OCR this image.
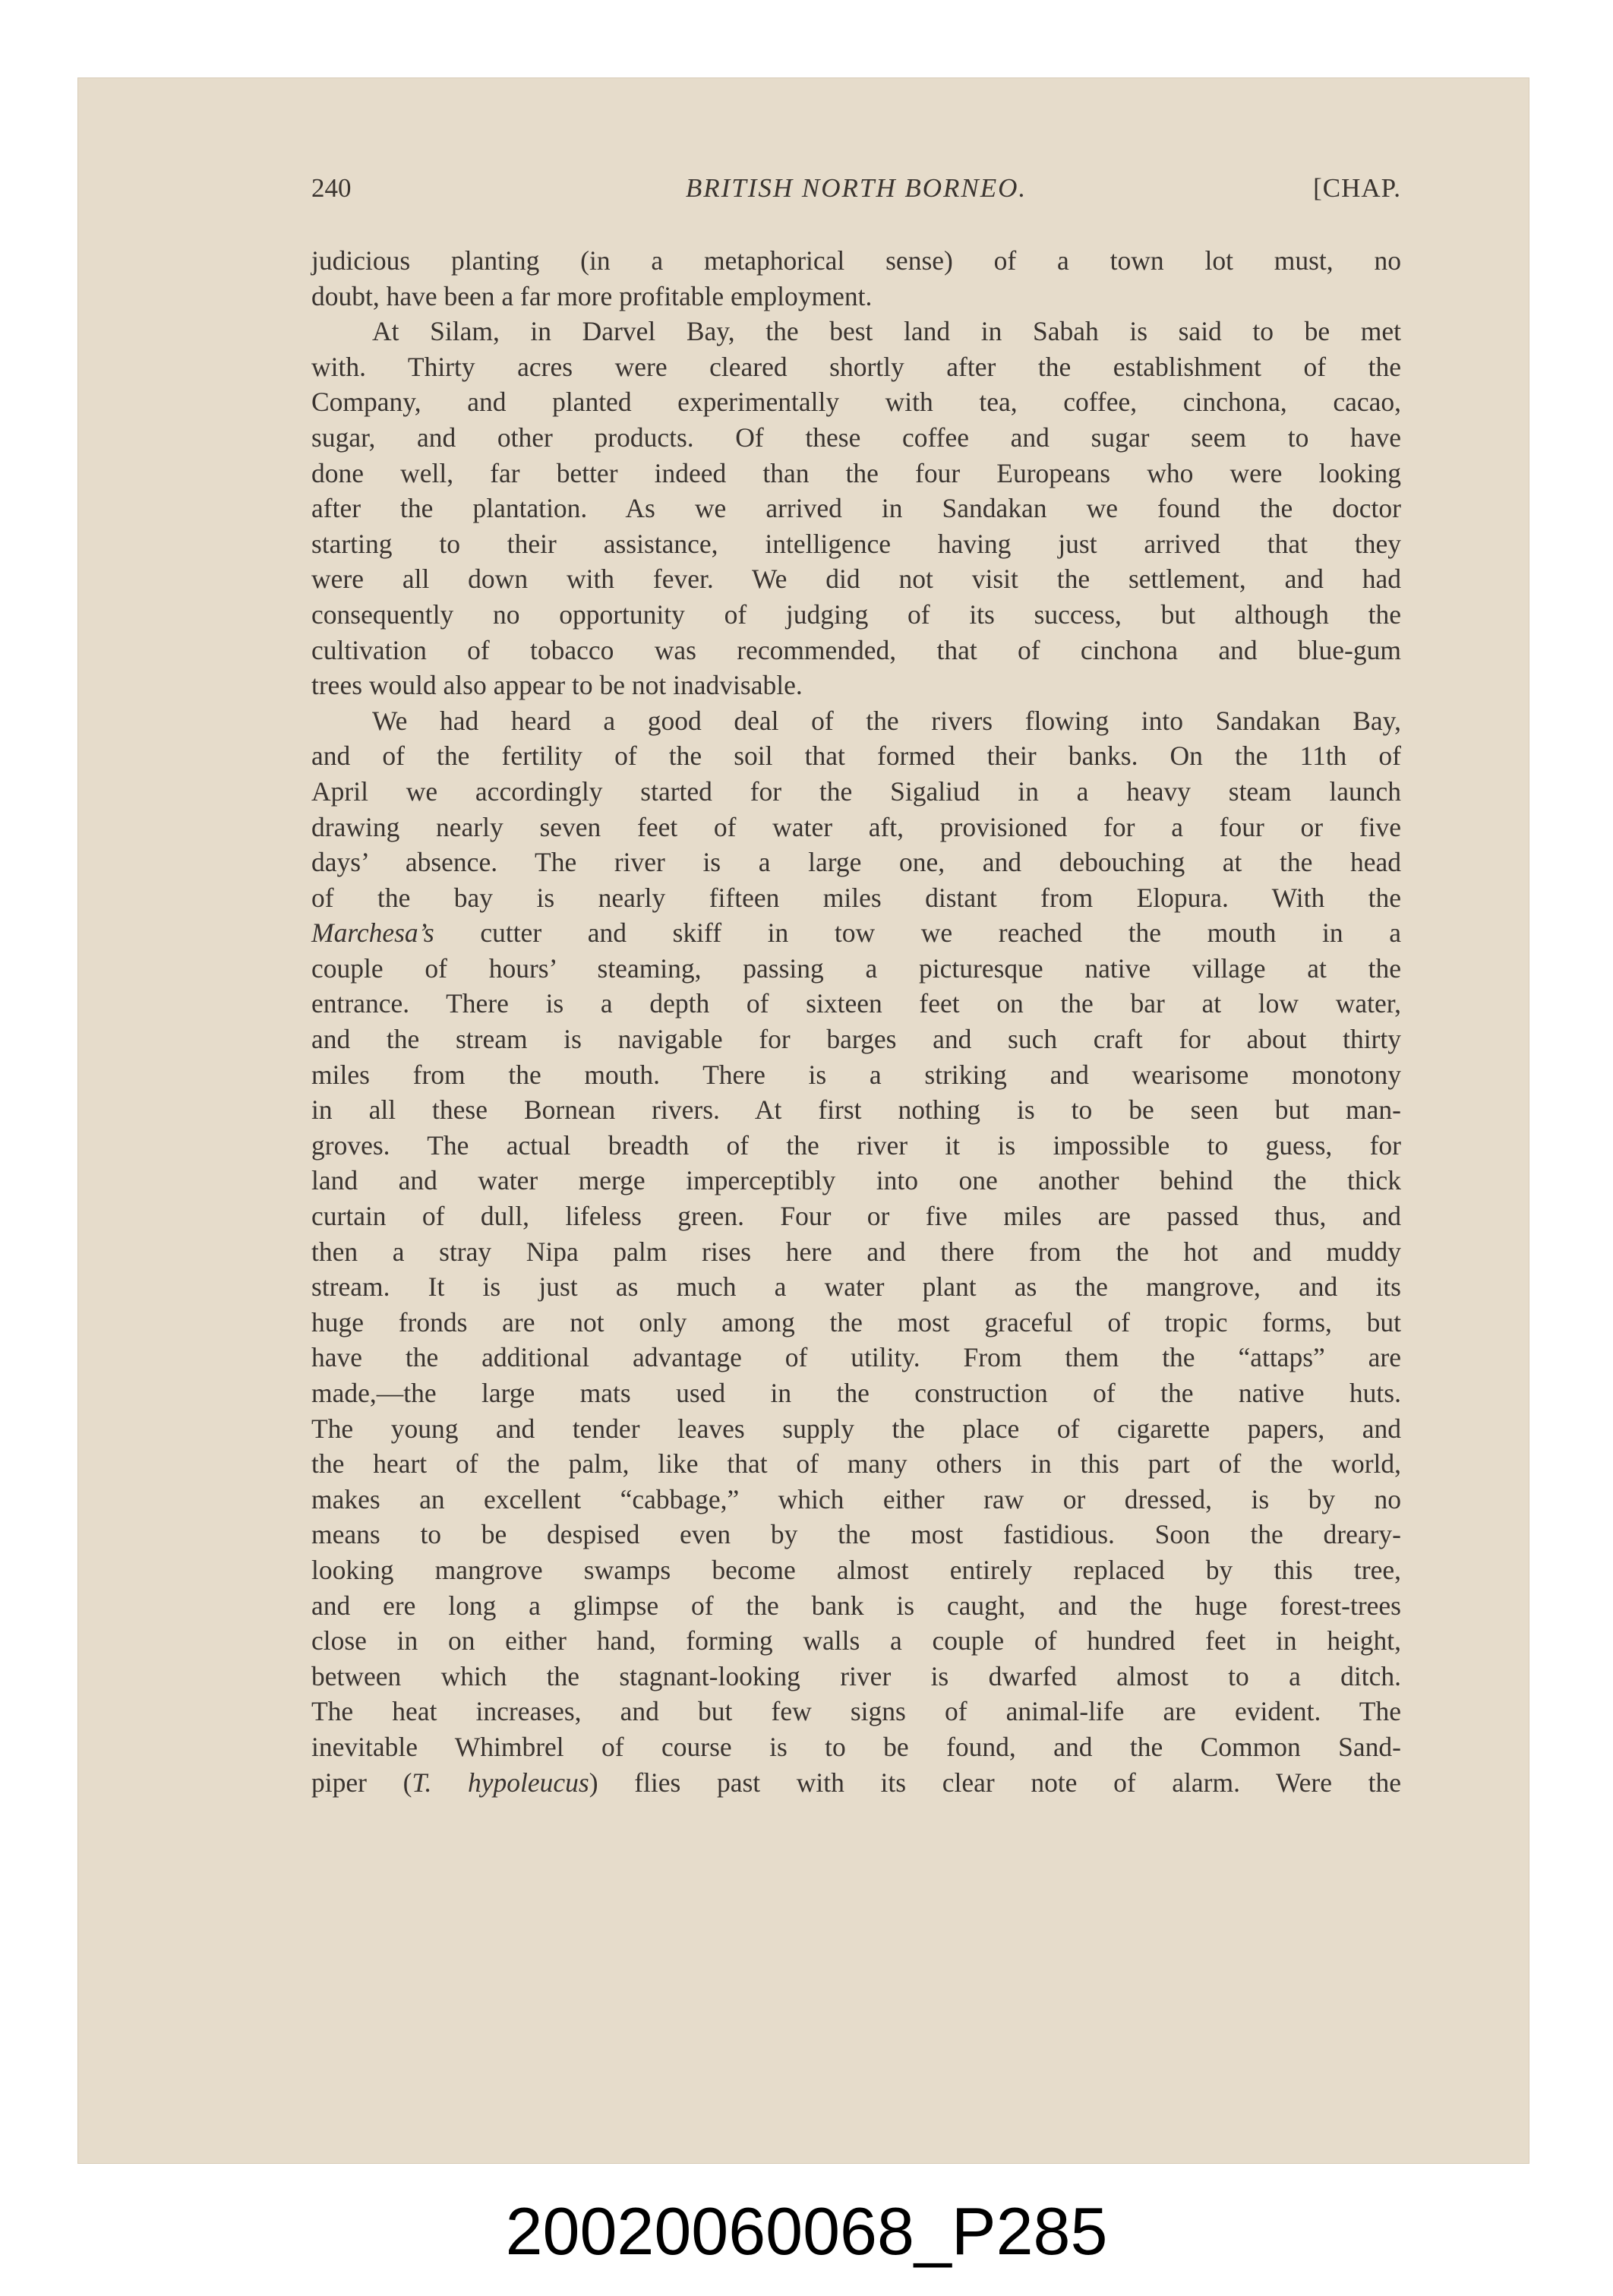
240	BRITISH NORTH BORNEO.	[CHAP.
judicious planting (in a metaphorical sense) of a town lot must, no
doubt, have been a far more profitable employment.
At Silam, in Darvel Bay, the best land in Sabah is said to be met
with. Thirty acres were cleared shortly after the establishment of the
Company, and planted experimentally with tea, coffee, cinchona, cacao,
sugar, and other products. Of these coffee and sugar seem to have
done well, far better indeed than the four Europeans who were looking
after the plantation. As we arrived in Sandakan we found the doctor
starting to their assistance, intelligence having just arrived that they
were all down with fever. We did not visit the settlement, and had
consequently no opportunity of judging of its success, but although the
cultivation of tobacco was recommended, that of cinchona and blue-gum
trees would also appear to be not inadvisable.
We had heard a good deal of the rivers flowing into Sandakan Bay,
and of the fertility of the soil that formed their banks. On the 11th of
April we accordingly started for the Sigaliud in a heavy steam launch
drawing nearly seven feet of water aft, provisioned for a four or five
days’ absence. The river is a large one, and debouching at the head
of the bay is nearly fifteen miles distant from Elopura. With the
Marchesa’s cutter and skiff in tow we reached the mouth in a
couple of hours’ steaming, passing a picturesque native village at the
entrance. There is a depth of sixteen feet on the bar at low water,
and the stream is navigable for barges and such craft for about thirty
miles from the mouth. There is a striking and wearisome monotony
in all these Bornean rivers. At first nothing is to be seen but man-
groves. The actual breadth of the river it is impossible to guess, for
land and water merge imperceptibly into one another behind the thick
curtain of dull, lifeless green. Four or five miles are passed thus, and
then a stray Nipa palm rises here and there from the hot and muddy
stream. It is just as much a water plant as the mangrove, and its
huge fronds are not only among the most graceful of tropic forms, but
have the additional advantage of utility. From them the “attaps” are
made,—the large mats used in the construction of the native huts.
The young and tender leaves supply the place of cigarette papers, and
the heart of the palm, like that of many others in this part of the world,
makes an excellent “cabbage,” which either raw or dressed, is by no
means to be despised even by the most fastidious. Soon the dreary-
looking mangrove swamps become almost entirely replaced by this tree,
and ere long a glimpse of the bank is caught, and the huge forest-trees
close in on either hand, forming walls a couple of hundred feet in height,
between which the stagnant-looking river is dwarfed almost to a ditch.
The heat increases, and but few signs of animal-life are evident. The
inevitable Whimbrel of course is to be found, and the Common Sand-
piper (T. hypoleucus) flies past with its clear note of alarm. Were the
20020060068_P285
